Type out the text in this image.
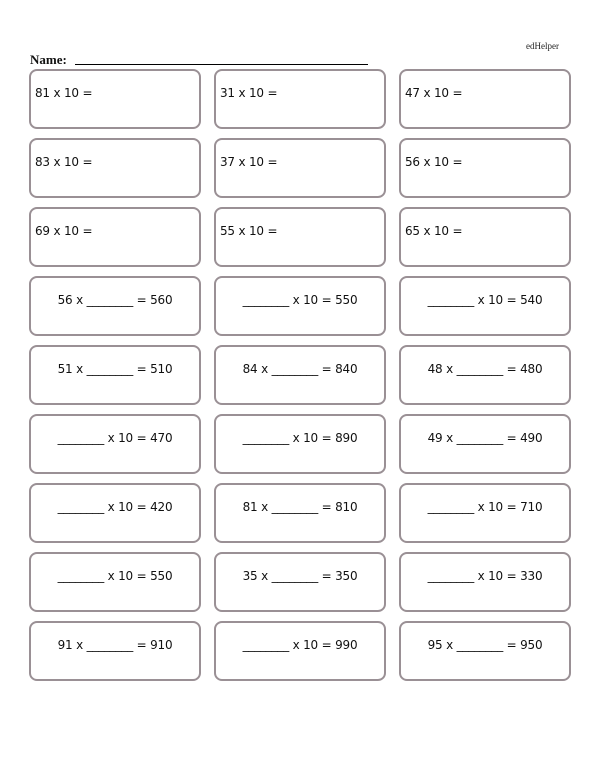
edHelper
Name:
81 x 10 =	31 x 10 =	47 x 10 =
83 x 10 =	37 x 10 =	56 x 10 =
69 x 10 =	55 x 10 =	65 x 10 =
56 x ________ = 560	________ x 10 = 550	________ x 10 = 540
51 x ________ = 510	84 x ________ = 840	48 x ________ = 480
________ x 10 = 470	________ x 10 = 890	49 x ________ = 490
________ x 10 = 420	81 x ________ = 810	________ x 10 = 710
________ x 10 = 550	35 x ________ = 350	________ x 10 = 330
91 x ________ = 910	________ x 10 = 990	95 x ________ = 950
